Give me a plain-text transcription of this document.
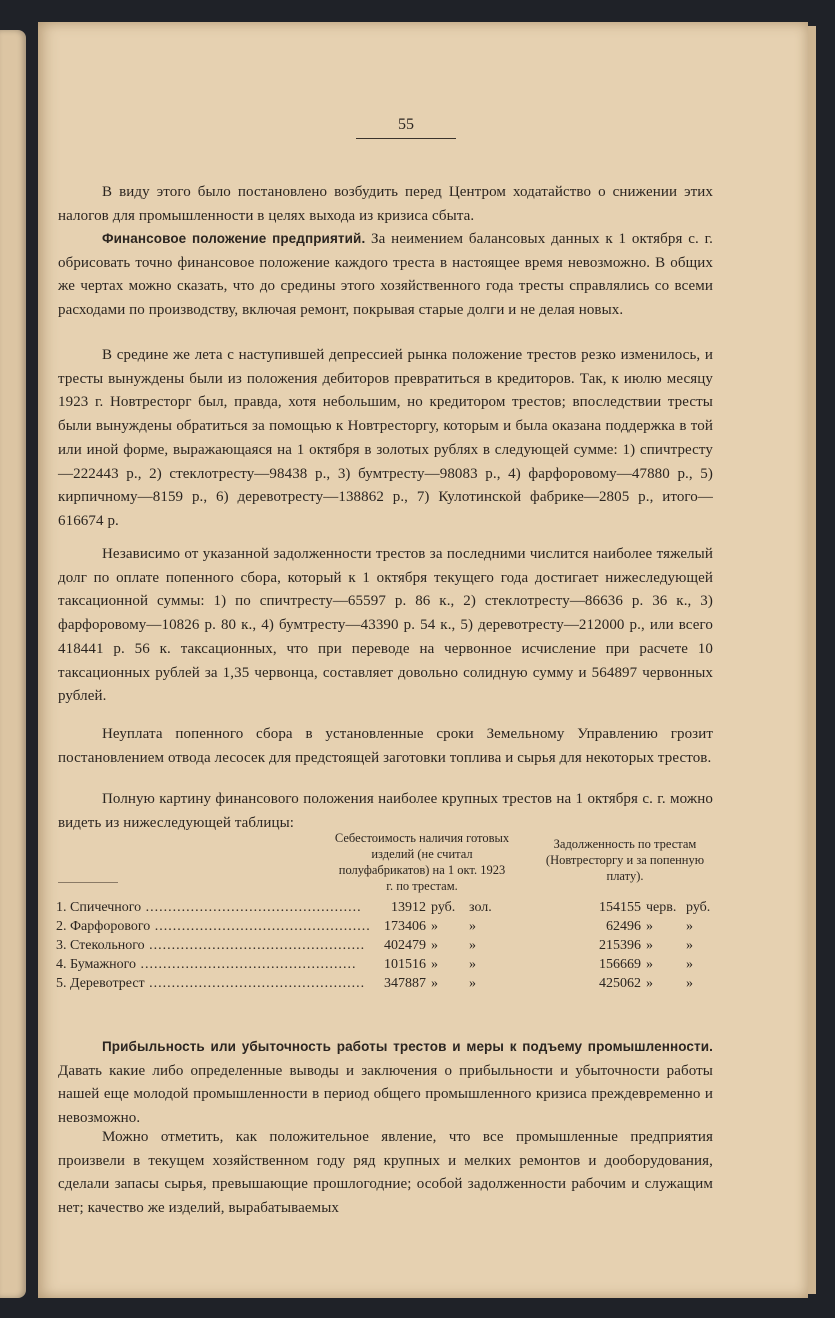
55

В виду этого было постановлено возбудить перед Центром ходатайство о снижении этих налогов для промышленности в целях выхода из кризиса сбыта.

Финансовое положение предприятий. За неимением балансовых данных к 1 октября с. г. обрисовать точно финансовое положение каждого треста в настоящее время невозможно. В общих же чертах можно сказать, что до средины этого хозяйственного года тресты справлялись со всеми расходами по производству, включая ремонт, покрывая старые долги и не делая новых.

В средине же лета с наступившей депрессией рынка положение трестов резко изменилось, и тресты вынуждены были из положения дебиторов превратиться в кредиторов. Так, к июлю месяцу 1923 г. Новтресторг был, правда, хотя небольшим, но кредитором трестов; впоследствии тресты были вынуждены обратиться за помощью к Новтресторгу, которым и была оказана поддержка в той или иной форме, выражающаяся на 1 октября в золотых рублях в следующей сумме: 1) спичтресту—222443 р., 2) стеклотресту—98438 р., 3) бумтресту—98083 р., 4) фарфоровому—47880 р., 5) кирпичному—8159 р., 6) деревотресту—138862 р., 7) Кулотинской фабрике—2805 р., итого—616674 р.

Независимо от указанной задолженности трестов за последними числится наиболее тяжелый долг по оплате попенного сбора, который к 1 октября текущего года достигает нижеследующей таксационной суммы: 1) по спичтресту—65597 р. 86 к., 2) стеклотресту—86636 р. 36 к., 3) фарфоровому—10826 р. 80 к., 4) бумтресту—43390 р. 54 к., 5) деревотресту—212000 р., или всего 418441 р. 56 к. таксационных, что при переводе на червонное исчисление при расчете 10 таксационных рублей за 1,35 червонца, составляет довольно солидную сумму и 564897 червонных рублей.

Неуплата попенного сбора в установленные сроки Земельному Управлению грозит постановлением отвода лесосек для предстоящей заготовки топлива и сырья для некоторых трестов.

Полную картину финансового положения наиболее крупных трестов на 1 октября с. г. можно видеть из нижеследующей таблицы:

Себестоимость наличия готовых изделий (не считал полуфабрикатов) на 1 окт. 1923 г. по трестам.
Задолженность по трестам (Новтресторгу и за попенную плату).
1. Спичечного ................................................	13912 руб. зол.	154155 черв. руб.
2. Фарфорового ................................................ 173406 »	»	62496 »	»
3. Стекольного ................................................	402479 »	»	215396 »	»
4. Бумажного ................................................	101516 »	»	156669 »	»
5. Деревотрест ................................................	347887 »	»	425062 »	»

Прибыльность или убыточность работы трестов и меры к подъему промышленности. Давать какие либо определенные выводы и заключения о прибыльности и убыточности работы нашей еще молодой промышленности в период общего промышленного кризиса преждевременно и невозможно.

Можно отметить, как положительное явление, что все промышленные предприятия произвели в текущем хозяйственном году ряд крупных и мелких ремонтов и дооборудования, сделали запасы сырья, превышающие прошлогодние; особой задолженности рабочим и служащим нет; качество же изделий, вырабатываемых
